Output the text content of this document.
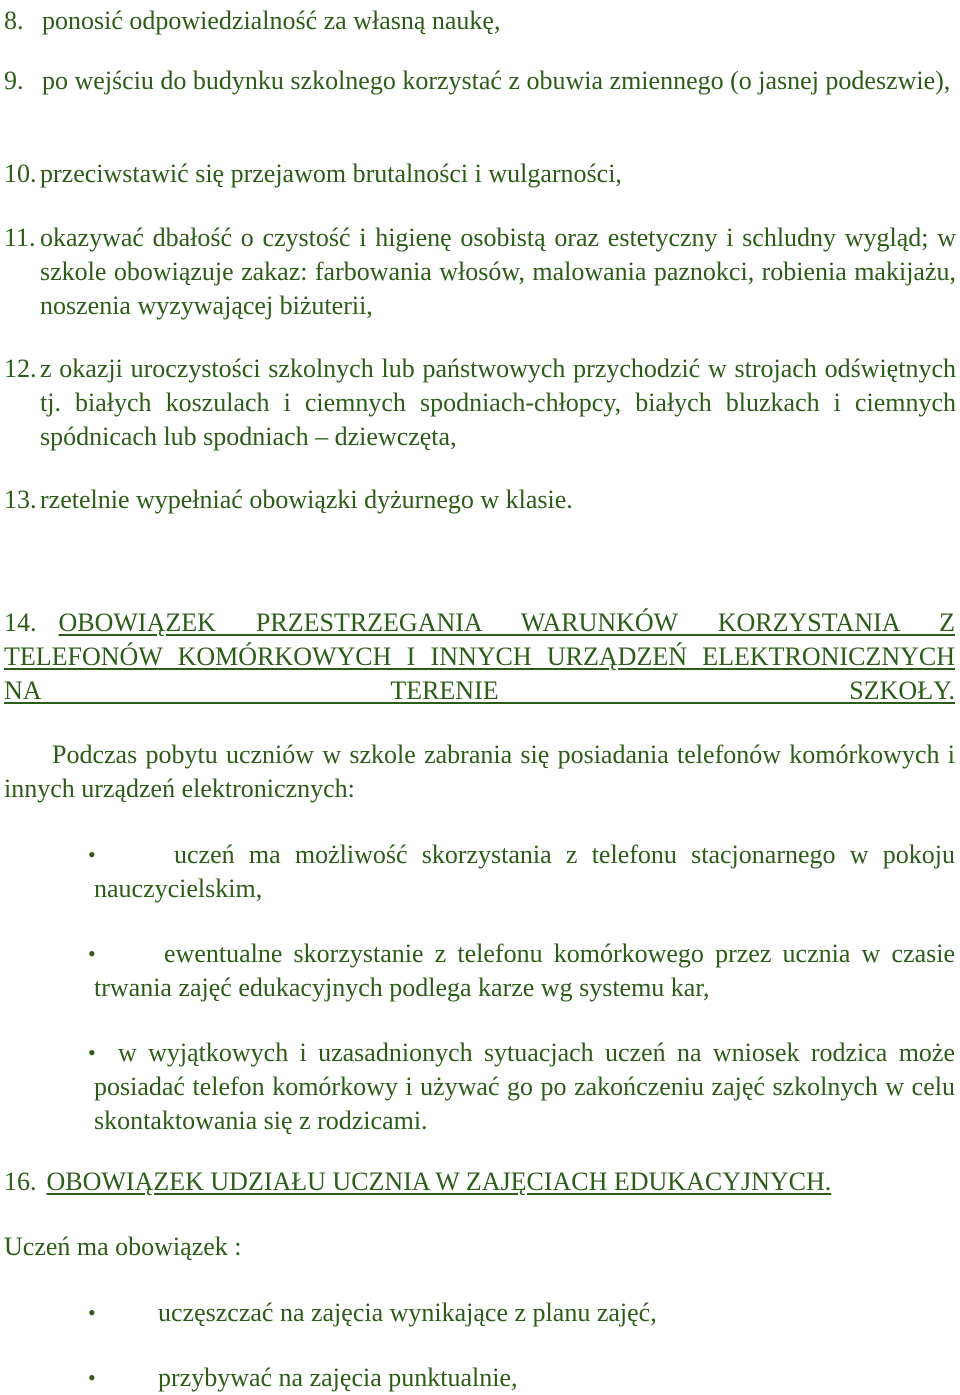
8. ponosić odpowiedzialność za własną naukę,
9. po wejściu do budynku szkolnego korzystać z obuwia zmiennego (o jasnej podeszwie),
10. przeciwstawić się przejawom brutalności i wulgarności,
11. okazywać dbałość o czystość i higienę osobistą oraz estetyczny i schludny wygląd; w szkole obowiązuje zakaz: farbowania włosów, malowania paznokci, robienia makijażu, noszenia wyzywającej biżuterii,
12. z okazji uroczystości szkolnych lub państwowych przychodzić w strojach odświętnych tj. białych koszulach i ciemnych spodniach-chłopcy, białych bluzkach i ciemnych spódnicach lub spodniach – dziewczęta,
13. rzetelnie wypełniać obowiązki dyżurnego w klasie.
14. OBOWIĄZEK PRZESTRZEGANIA WARUNKÓW KORZYSTANIA Z TELEFONÓW KOMÓRKOWYCH I INNYCH URZĄDZEŃ ELEKTRONICZNYCH NA TERENIE SZKOŁY.
Podczas pobytu uczniów w szkole zabrania się posiadania telefonów komórkowych i innych urządzeń elektronicznych:
•	uczeń ma możliwość skorzystania z telefonu stacjonarnego w pokoju nauczycielskim,
•	ewentualne skorzystanie z telefonu komórkowego przez ucznia w czasie trwania zajęć edukacyjnych podlega karze wg systemu kar,
• w wyjątkowych i uzasadnionych sytuacjach uczeń na wniosek rodzica może posiadać telefon komórkowy i używać go po zakończeniu zajęć szkolnych w celu skontaktowania się z rodzicami.
16. OBOWIĄZEK UDZIAŁU UCZNIA W ZAJĘCIACH EDUKACYJNYCH.
Uczeń ma obowiązek :
• uczęszczać na zajęcia wynikające z planu zajęć,
• przybywać na zajęcia punktualnie,
